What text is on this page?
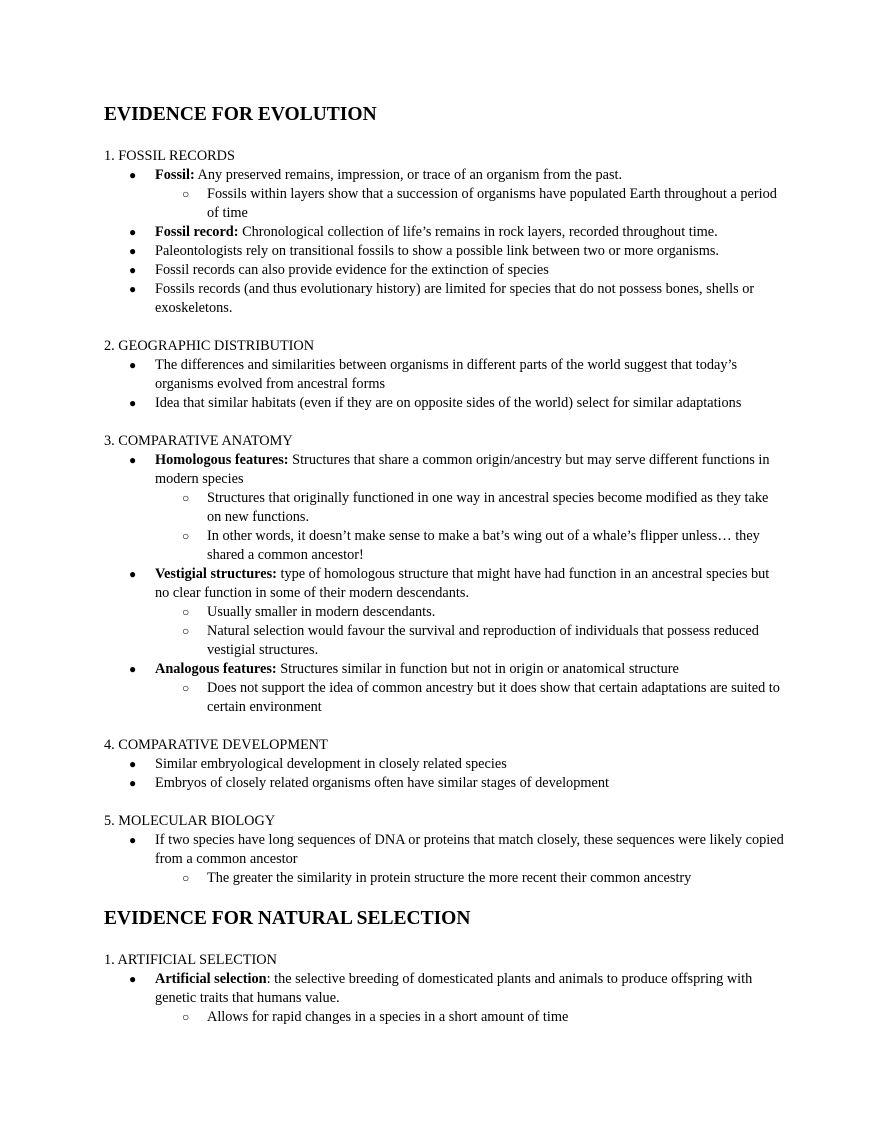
EVIDENCE FOR EVOLUTION

1. FOSSIL RECORDS

● Fossil: Any preserved remains, impression, or trace of an organism from the past.
○ Fossils within layers show that a succession of organisms have populated Earth throughout a period of time
● Fossil record: Chronological collection of life’s remains in rock layers, recorded throughout time.
● Paleontologists rely on transitional fossils to show a possible link between two or more organisms.
● Fossil records can also provide evidence for the extinction of species
● Fossils records (and thus evolutionary history) are limited for species that do not possess bones, shells or exoskeletons.

2. GEOGRAPHIC DISTRIBUTION

● The differences and similarities between organisms in different parts of the world suggest that today’s organisms evolved from ancestral forms
● Idea that similar habitats (even if they are on opposite sides of the world) select for similar adaptations

3. COMPARATIVE ANATOMY

● Homologous features: Structures that share a common origin/ancestry but may serve different functions in modern species
○ Structures that originally functioned in one way in ancestral species become modified as they take on new functions.
○ In other words, it doesn’t make sense to make a bat’s wing out of a whale’s flipper unless… they shared a common ancestor!
● Vestigial structures: type of homologous structure that might have had function in an ancestral species but no clear function in some of their modern descendants.
○ Usually smaller in modern descendants.
○ Natural selection would favour the survival and reproduction of individuals that possess reduced vestigial structures.
● Analogous features: Structures similar in function but not in origin or anatomical structure
○ Does not support the idea of common ancestry but it does show that certain adaptations are suited to certain environment

4. COMPARATIVE DEVELOPMENT

● Similar embryological development in closely related species
● Embryos of closely related organisms often have similar stages of development

5. MOLECULAR BIOLOGY

● If two species have long sequences of DNA or proteins that match closely, these sequences were likely copied from a common ancestor
○ The greater the similarity in protein structure the more recent their common ancestry
EVIDENCE FOR NATURAL SELECTION

1. ARTIFICIAL SELECTION

● Artificial selection: the selective breeding of domesticated plants and animals to produce offspring with genetic traits that humans value.
○ Allows for rapid changes in a species in a short amount of time
